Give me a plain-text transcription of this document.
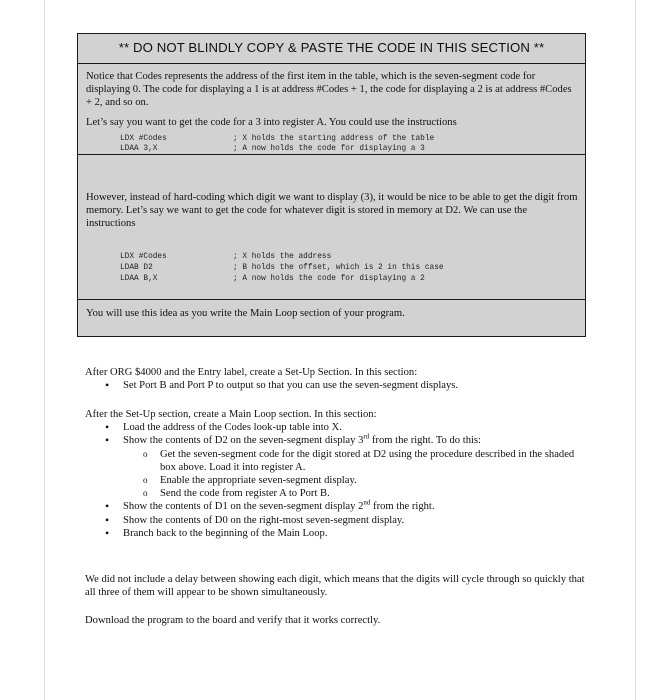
** DO NOT BLINDLY COPY & PASTE THE CODE IN THIS SECTION **
Notice that Codes represents the address of the first item in the table, which is the seven-segment code for displaying 0. The code for displaying a 1 is at address #Codes + 1, the code for displaying a 2 is at address #Codes + 2, and so on.
Let’s say you want to get the code for a 3 into register A. You could use the instructions
LDX #Codes
LDAA 3,X
; X holds the starting address of the table
; A now holds the code for displaying a 3
However, instead of hard-coding which digit we want to display (3), it would be nice to be able to get the digit from memory. Let’s say we want to get the code for whatever digit is stored in memory at D2. We can use the instructions
LDX #Codes
LDAB D2
LDAA B,X
; X holds the address
; B holds the offset, which is 2 in this case
; A now holds the code for displaying a 2
You will use this idea as you write the Main Loop section of your program.
After ORG $4000 and the Entry label, create a Set-Up Section. In this section:
• Set Port B and Port P to output so that you can use the seven-segment displays.
After the Set-Up section, create a Main Loop section. In this section:
• Load the address of the Codes look-up table into X.
• Show the contents of D2 on the seven-segment display 3rd from the right. To do this:
o Get the seven-segment code for the digit stored at D2 using the procedure described in the shaded box above. Load it into register A.
o Enable the appropriate seven-segment display.
o Send the code from register A to Port B.
• Show the contents of D1 on the seven-segment display 2nd from the right.
• Show the contents of D0 on the right-most seven-segment display.
• Branch back to the beginning of the Main Loop.
We did not include a delay between showing each digit, which means that the digits will cycle through so quickly that all three of them will appear to be shown simultaneously.
Download the program to the board and verify that it works correctly.
